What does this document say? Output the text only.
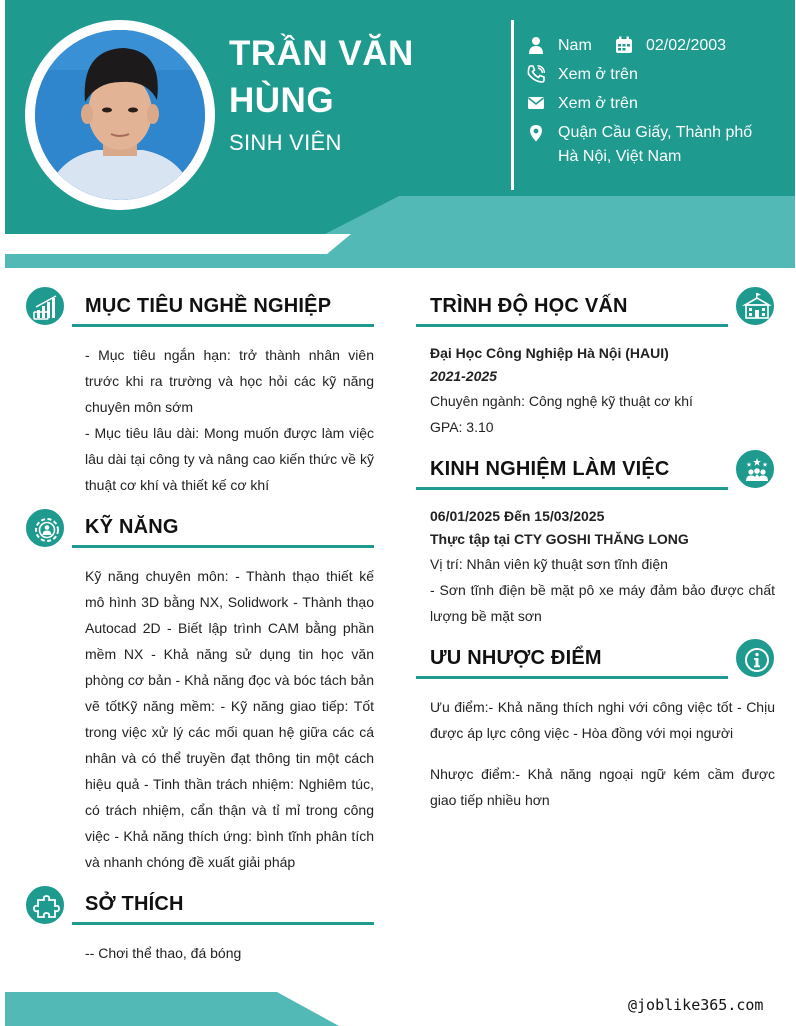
TRẦN VĂN HÙNG
SINH VIÊN
Nam	02/02/2003
Xem ở trên
Xem ở trên
Quận Cầu Giấy, Thành phố Hà Nội, Việt Nam
MỤC TIÊU NGHỀ NGHIỆP
- Mục tiêu ngắn hạn: trở thành nhân viên trước khi ra trường và học hỏi các kỹ năng chuyên môn sớm
- Mục tiêu lâu dài: Mong muốn được làm việc lâu dài tại công ty và nâng cao kiến thức về kỹ thuật cơ khí và thiết kế cơ khí
KỸ NĂNG
Kỹ năng chuyên môn: - Thành thạo thiết kế mô hình 3D bằng NX, Solidwork - Thành thạo Autocad 2D - Biết lập trình CAM bằng phần mềm NX - Khả năng sử dụng tin học văn phòng cơ bản - Khả năng đọc và bóc tách bản vẽ tốtKỹ năng mềm: - Kỹ năng giao tiếp: Tốt trong việc xử lý các mối quan hệ giữa các cá nhân và có thể truyền đạt thông tin một cách hiệu quả - Tinh thần trách nhiệm: Nghiêm túc, có trách nhiệm, cẩn thận và tỉ mỉ trong công việc - Khả năng thích ứng: bình tĩnh phân tích và nhanh chóng đề xuất giải pháp
SỞ THÍCH
-- Chơi thể thao, đá bóng
TRÌNH ĐỘ HỌC VẤN
Đại Học Công Nghiệp Hà Nội (HAUI)
2021-2025
Chuyên ngành: Công nghệ kỹ thuật cơ khí
GPA: 3.10
KINH NGHIỆM LÀM VIỆC
06/01/2025 Đến 15/03/2025
Thực tập tại CTY GOSHI THĂNG LONG
Vị trí: Nhân viên kỹ thuật sơn tĩnh điện
- Sơn tĩnh điện bề mặt pô xe máy đảm bảo được chất lượng bề mặt sơn
ƯU NHƯỢC ĐIỂM
Ưu điểm:- Khả năng thích nghi với công việc tốt - Chịu được áp lực công việc - Hòa đồng với mọi người
Nhược điểm:- Khả năng ngoại ngữ kém cầm được giao tiếp nhiều hơn
@joblike365.com
